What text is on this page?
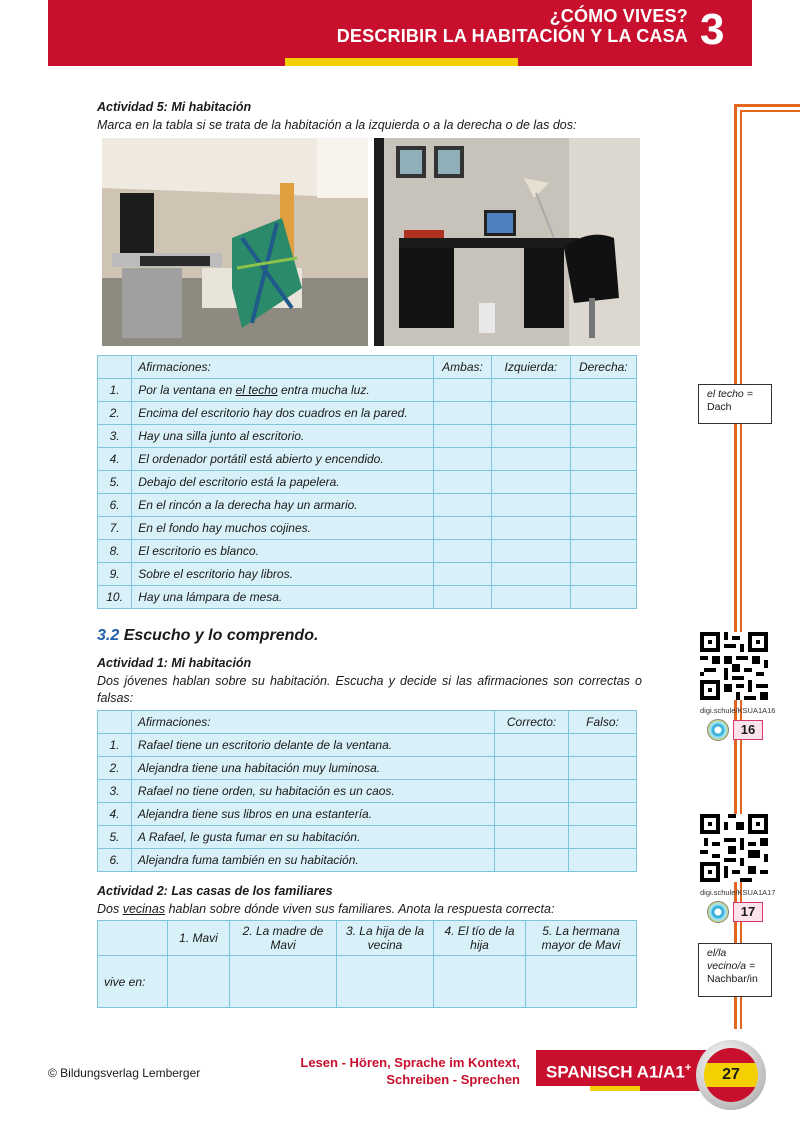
¿CÓMO VIVES?
DESCRIBIR LA HABITACIÓN Y LA CASA 3
Actividad 5: Mi habitación
Marca en la tabla si se trata de la habitación a la izquierda o a la derecha o de las dos:
	Afirmaciones:	Ambas:	Izquierda:	Derecha:
1.	Por la ventana en el techo entra mucha luz.			
2.	Encima del escritorio hay dos cuadros en la pared.			
3.	Hay una silla junto al escritorio.			
4.	El ordenador portátil está abierto y encendido.			
5.	Debajo del escritorio está la papelera.			
6.	En el rincón a la derecha hay un armario.			
7.	En el fondo hay muchos cojines.			
8.	El escritorio es blanco.			
9.	Sobre el escritorio hay libros.			
10.	Hay una lámpara de mesa.			
3.2 Escucho y lo comprendo.
Actividad 1: Mi habitación
Dos jóvenes hablan sobre su habitación. Escucha y decide si las afirmaciones son correctas o falsas:
	Afirmaciones:	Correcto:	Falso:
1.	Rafael tiene un escritorio delante de la ventana.		
2.	Alejandra tiene una habitación muy luminosa.		
3.	Rafael no tiene orden, su habitación es un caos.		
4.	Alejandra tiene sus libros en una estantería.		
5.	A Rafael, le gusta fumar en su habitación.		
6.	Alejandra fuma también en su habitación.		
Actividad 2: Las casas de los familiares
Dos vecinas hablan sobre dónde viven sus familiares. Anota la respuesta correcta:
	1. Mavi	2. La madre de Mavi	3. La hija de la vecina	4. El tío de la hija	5. La hermana mayor de Mavi
vive en:					
el techo =
Dach
digi.schule/KSUA1A16
16
digi.schule/KSUA1A17
17
el/la vecino/a =
Nachbar/in
© Bildungsverlag Lemberger
Lesen - Hören, Sprache im Kontext,
Schreiben - Sprechen	SPANISCH A1/A1+	27
